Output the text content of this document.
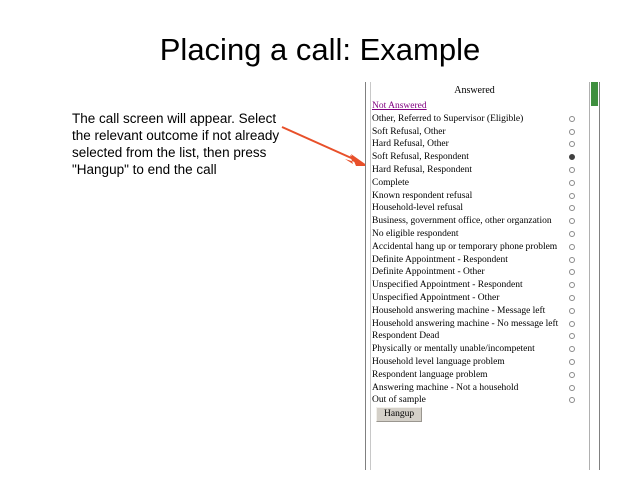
Placing a call: Example
The call screen will appear. Select the relevant outcome if not already selected from the list, then press "Hangup" to end the call
Answered
Not Answered
Other, Referred to Supervisor (Eligible)
Soft Refusal, Other
Hard Refusal, Other
Soft Refusal, Respondent
Hard Refusal, Respondent
Complete
Known respondent refusal
Household-level refusal
Business, government office, other organzation
No eligible respondent
Accidental hang up or temporary phone problem
Definite Appointment - Respondent
Definite Appointment - Other
Unspecified Appointment - Respondent
Unspecified Appointment - Other
Household answering machine - Message left
Household answering machine - No message left
Respondent Dead
Physically or mentally unable/incompetent
Household level language problem
Respondent language problem
Answering machine - Not a household
Out of sample
Hangup
